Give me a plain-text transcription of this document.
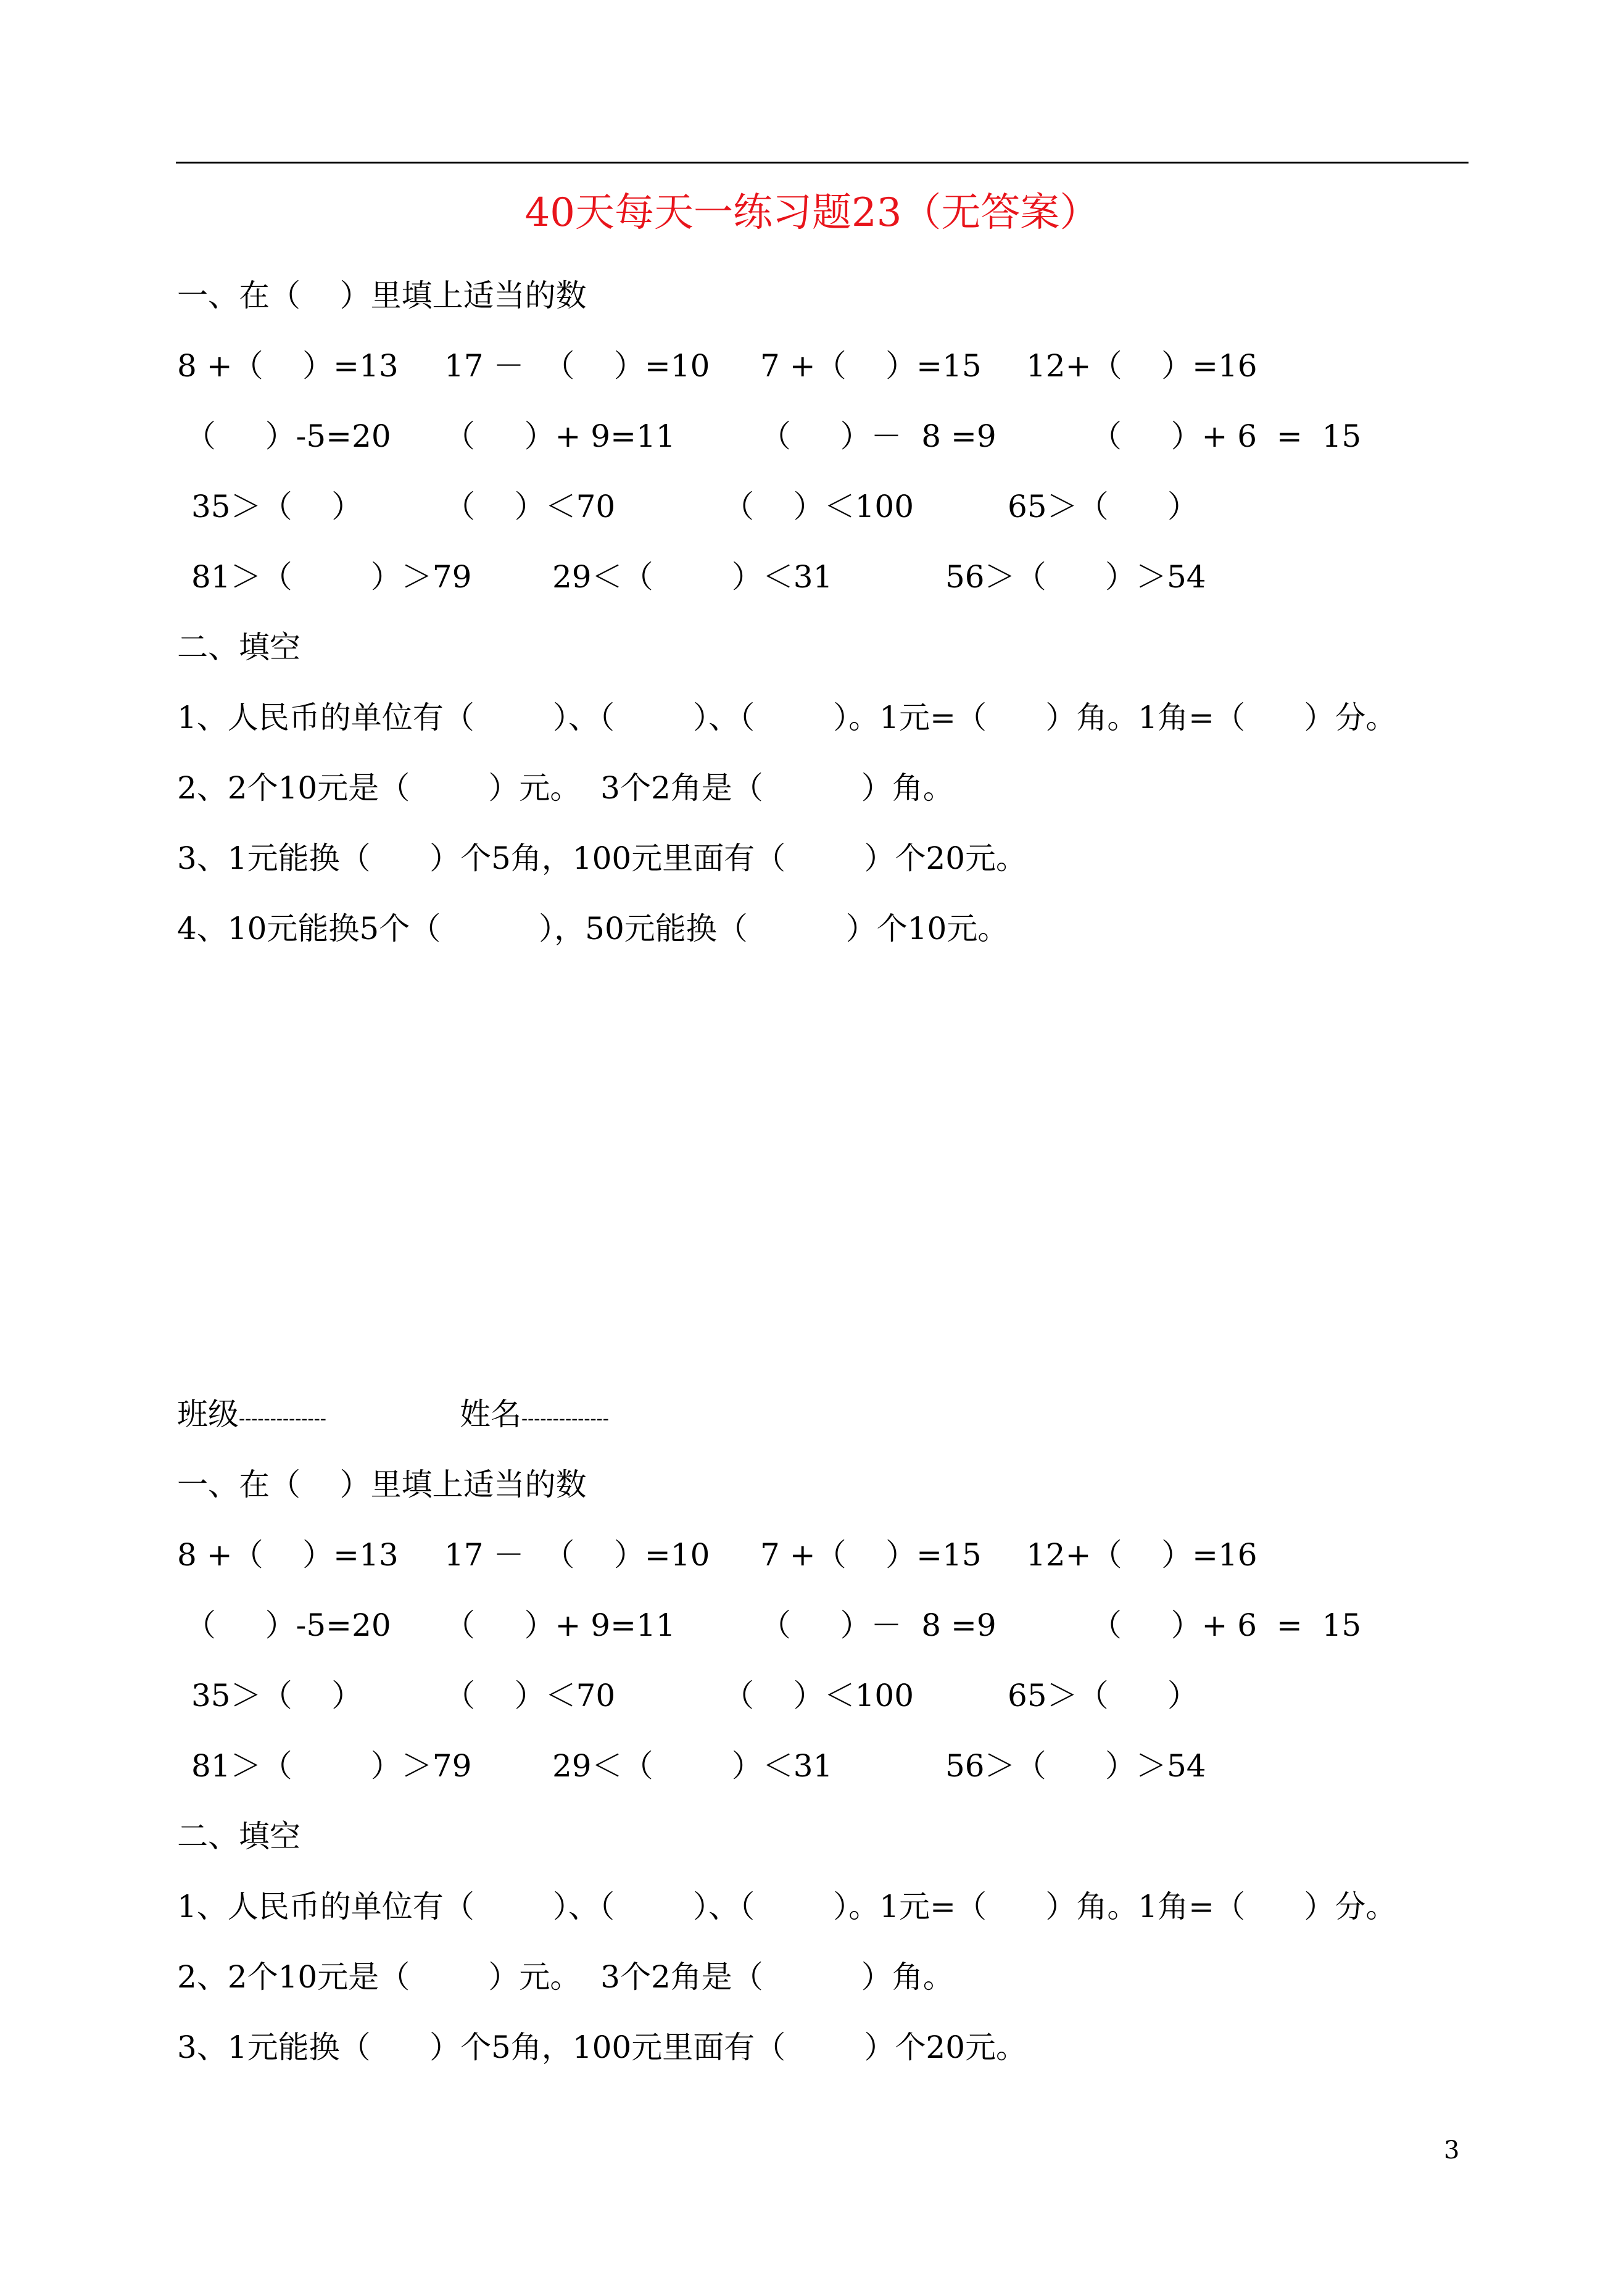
40天每天一练习题23（无答案）
一、在（    ）里填上适当的数
8 +（    ）=13 17 －  （    ）=10 7 +（    ）=15 12+（    ）=16
（     ）-5=20 （     ）+ 9=11	（     ）－  8 =9	（     ）+ 6  =  15
35＞（    ）	（    ）＜70	（    ）＜100	65＞（      ）
81＞（        ）＞79	29＜（        ）＜31	56＞（      ）＞54
二、填空
1、人民币的单位有（        ）、（        ）、（        ）。1元=（      ）角。1角=（      ）分。
2、2个10元是（        ）元。  3个2角是（          ）角。
3、1元能换（      ）个5角，100元里面有（        ）个20元。
4、10元能换5个（          ），50元能换（          ）个10元。
班级--------------	姓名--------------
一、在（    ）里填上适当的数
8 +（    ）=13 17 －  （    ）=10 7 +（    ）=15 12+（    ）=16
（     ）-5=20 （     ）+ 9=11	（     ）－  8 =9	（     ）+ 6  =  15
35＞（    ）	（    ）＜70	（    ）＜100	65＞（      ）
81＞（        ）＞79	29＜（        ）＜31	56＞（      ）＞54
二、填空
1、人民币的单位有（        ）、（        ）、（        ）。1元=（      ）角。1角=（      ）分。
2、2个10元是（        ）元。  3个2角是（          ）角。
3、1元能换（      ）个5角，100元里面有（        ）个20元。
3
